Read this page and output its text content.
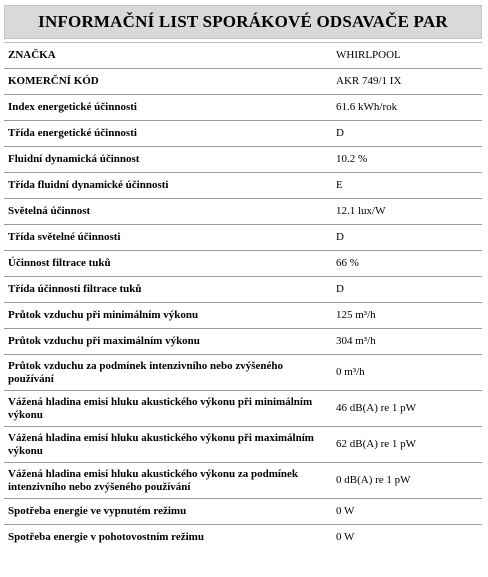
INFORMAČNÍ LIST SPORÁKOVÉ ODSAVAČE PAR
ZNAČKA	WHIRLPOOL
KOMERČNÍ KÓD	AKR 749/1 IX
Index energetické účinnosti	61.6 kWh/rok
Třída energetické účinnosti	D
Fluidní dynamická účinnost	10.2 %
Třída fluidní dynamické účinnosti	E
Světelná účinnost	12.1 lux/W
Třída světelné účinnosti	D
Účinnost filtrace tuků	66 %
Třída účinnosti filtrace tuků	D
Průtok vzduchu při minimálním výkonu	125 m³/h
Průtok vzduchu při maximálním výkonu	304 m³/h
Průtok vzduchu za podmínek intenzivního nebo zvýšeného používání	0 m³/h
Vážená hladina emisí hluku akustického výkonu při minimálním výkonu	46 dB(A) re 1 pW
Vážená hladina emisí hluku akustického výkonu při maximálním výkonu	62 dB(A) re 1 pW
Vážená hladina emisí hluku akustického výkonu za podmínek intenzivního nebo zvýšeného používání	0 dB(A) re 1 pW
Spotřeba energie ve vypnutém režimu	0 W
Spotřeba energie v pohotovostním režimu	0 W
